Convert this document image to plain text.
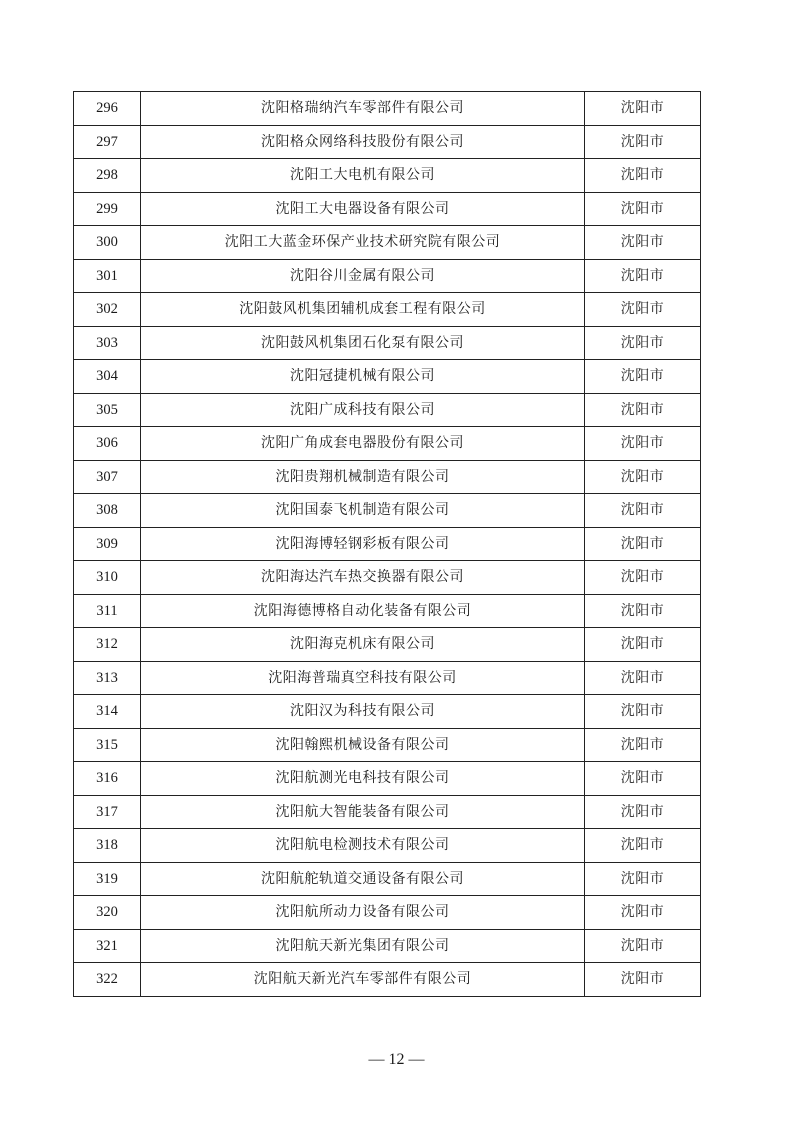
296	沈阳格瑞纳汽车零部件有限公司	沈阳市
297	沈阳格众网络科技股份有限公司	沈阳市
298	沈阳工大电机有限公司	沈阳市
299	沈阳工大电器设备有限公司	沈阳市
300	沈阳工大蓝金环保产业技术研究院有限公司	沈阳市
301	沈阳谷川金属有限公司	沈阳市
302	沈阳鼓风机集团辅机成套工程有限公司	沈阳市
303	沈阳鼓风机集团石化泵有限公司	沈阳市
304	沈阳冠捷机械有限公司	沈阳市
305	沈阳广成科技有限公司	沈阳市
306	沈阳广角成套电器股份有限公司	沈阳市
307	沈阳贵翔机械制造有限公司	沈阳市
308	沈阳国泰飞机制造有限公司	沈阳市
309	沈阳海博轻钢彩板有限公司	沈阳市
310	沈阳海达汽车热交换器有限公司	沈阳市
311	沈阳海德博格自动化装备有限公司	沈阳市
312	沈阳海克机床有限公司	沈阳市
313	沈阳海普瑞真空科技有限公司	沈阳市
314	沈阳汉为科技有限公司	沈阳市
315	沈阳翰熙机械设备有限公司	沈阳市
316	沈阳航测光电科技有限公司	沈阳市
317	沈阳航大智能装备有限公司	沈阳市
318	沈阳航电检测技术有限公司	沈阳市
319	沈阳航舵轨道交通设备有限公司	沈阳市
320	沈阳航所动力设备有限公司	沈阳市
321	沈阳航天新光集团有限公司	沈阳市
322	沈阳航天新光汽车零部件有限公司	沈阳市
— 12 —
